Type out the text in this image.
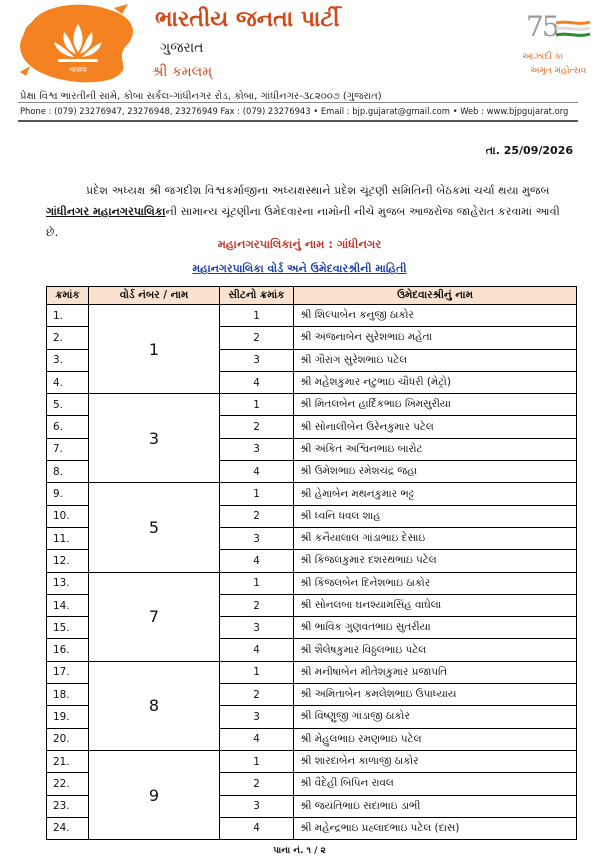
भाजपा
ભારતીય જનતા પાર્ટી
ગુજરાત
શ્રી કમલમ્
75
આઝાદી કા
અમૃત મહોત્સવ
પ્રેક્ષા વિશ્વ ભારતીની સામે, કોબા સર્કલ-ગાંધીનગર રોડ, કોબા, ગાંધીનગર-૩૮૨૦૦૭ (ગુજરાત)
Phone : (079) 23276947, 23276948, 23276949 Fax : (079) 23276943 • Email : bjp.gujarat@gmail.com • Web : www.bjpgujarat.org
તા. 25/09/2026

પ્રદેશ અધ્યક્ષ શ્રી જગદીશ વિશ્વકર્માજીના અધ્યક્ષસ્થાને પ્રદેશ ચૂંટણી સમિતિની બેઠકમાં ચર્ચા થયા મુજબ ગાંધીનગર મહાનગરપાલિકાની સામાન્ય ચૂંટણીના ઉમેદવારના નામોની નીચે મુજબ આજરોજ જાહેરાત કરવામાં આવી છે.

મહાનગરપાલિકાનું નામ : ગાંધીનગર
મહાનગરપાલિકા વોર્ડ અને ઉમેદવારશ્રીની માહિતી
ક્રમાંક	વોર્ડ નંબર / નામ	સીટનો ક્રમાંક	ઉમેદવારશ્રીનું નામ
1.	1	1	શ્રી શિલ્પાબેન કનુજી ઠાકોર
2.		2	શ્રી અંજનાબેન સુરેશભાઇ મહેતા
3.		3	શ્રી ગૌરાંગ સુરેશભાઇ પટેલ
4.		4	શ્રી મહેશકુમાર નટુભાઇ ચૌધરી (મેટ્રો)
5.	3	1	શ્રી મિતલબેન હાર્દિકભાઇ ખિમસુરીયા
6.		2	શ્રી સોનાલીબેન ઉરેનકુમાર પટેલ
7.		3	શ્રી અંકિત અશ્વિનભાઇ બારોટ
8.		4	શ્રી ઉમેશભાઇ રમેશચંદ્ર જહા
9.	5	1	શ્રી હેમાબેન મથનકુમાર ભટ્ટ
10.		2	શ્રી ધ્વનિ ધવલ શાહ
11.		3	શ્રી કનૈયાલાલ ગાંડાભાઇ દેસાઇ
12.		4	શ્રી કિંજલકુમાર દશરથભાઇ પટેલ
13.	7	1	શ્રી કિંજલબેન દિનેશભાઇ ઠાકોર
14.		2	શ્રી સોનલબા ઘનશ્યામસિંહ વાઘેલા
15.		3	શ્રી ભાવિક ગુણવંતભાઇ સુતરીયા
16.		4	શ્રી શૈલેષકુમાર વિઠ્ઠલભાઇ પટેલ
17.	8	1	શ્રી મનીષાબેન મીતેશકુમાર પ્રજાપતિ
18.		2	શ્રી અમિતાબેન કમલેશભાઇ ઉપાધ્યાય
19.		3	શ્રી વિષ્ણુજી ગાંડાજી ઠાકોર
20.		4	શ્રી મેહુલભાઇ રમણભાઇ પટેલ
21.	9	1	શ્રી શારદાબેન કાળાજી ઠાકોર
22.		2	શ્રી વૈદેહી બિપિન રાવલ
23.		3	શ્રી જયંતિભાઇ સદાભાઇ ડાભી
24.		4	શ્રી મહેન્દ્રભાઇ પ્રહ્લાદભાઇ પટેલ (દાસ)
પાના નં. ૧ / ૨
